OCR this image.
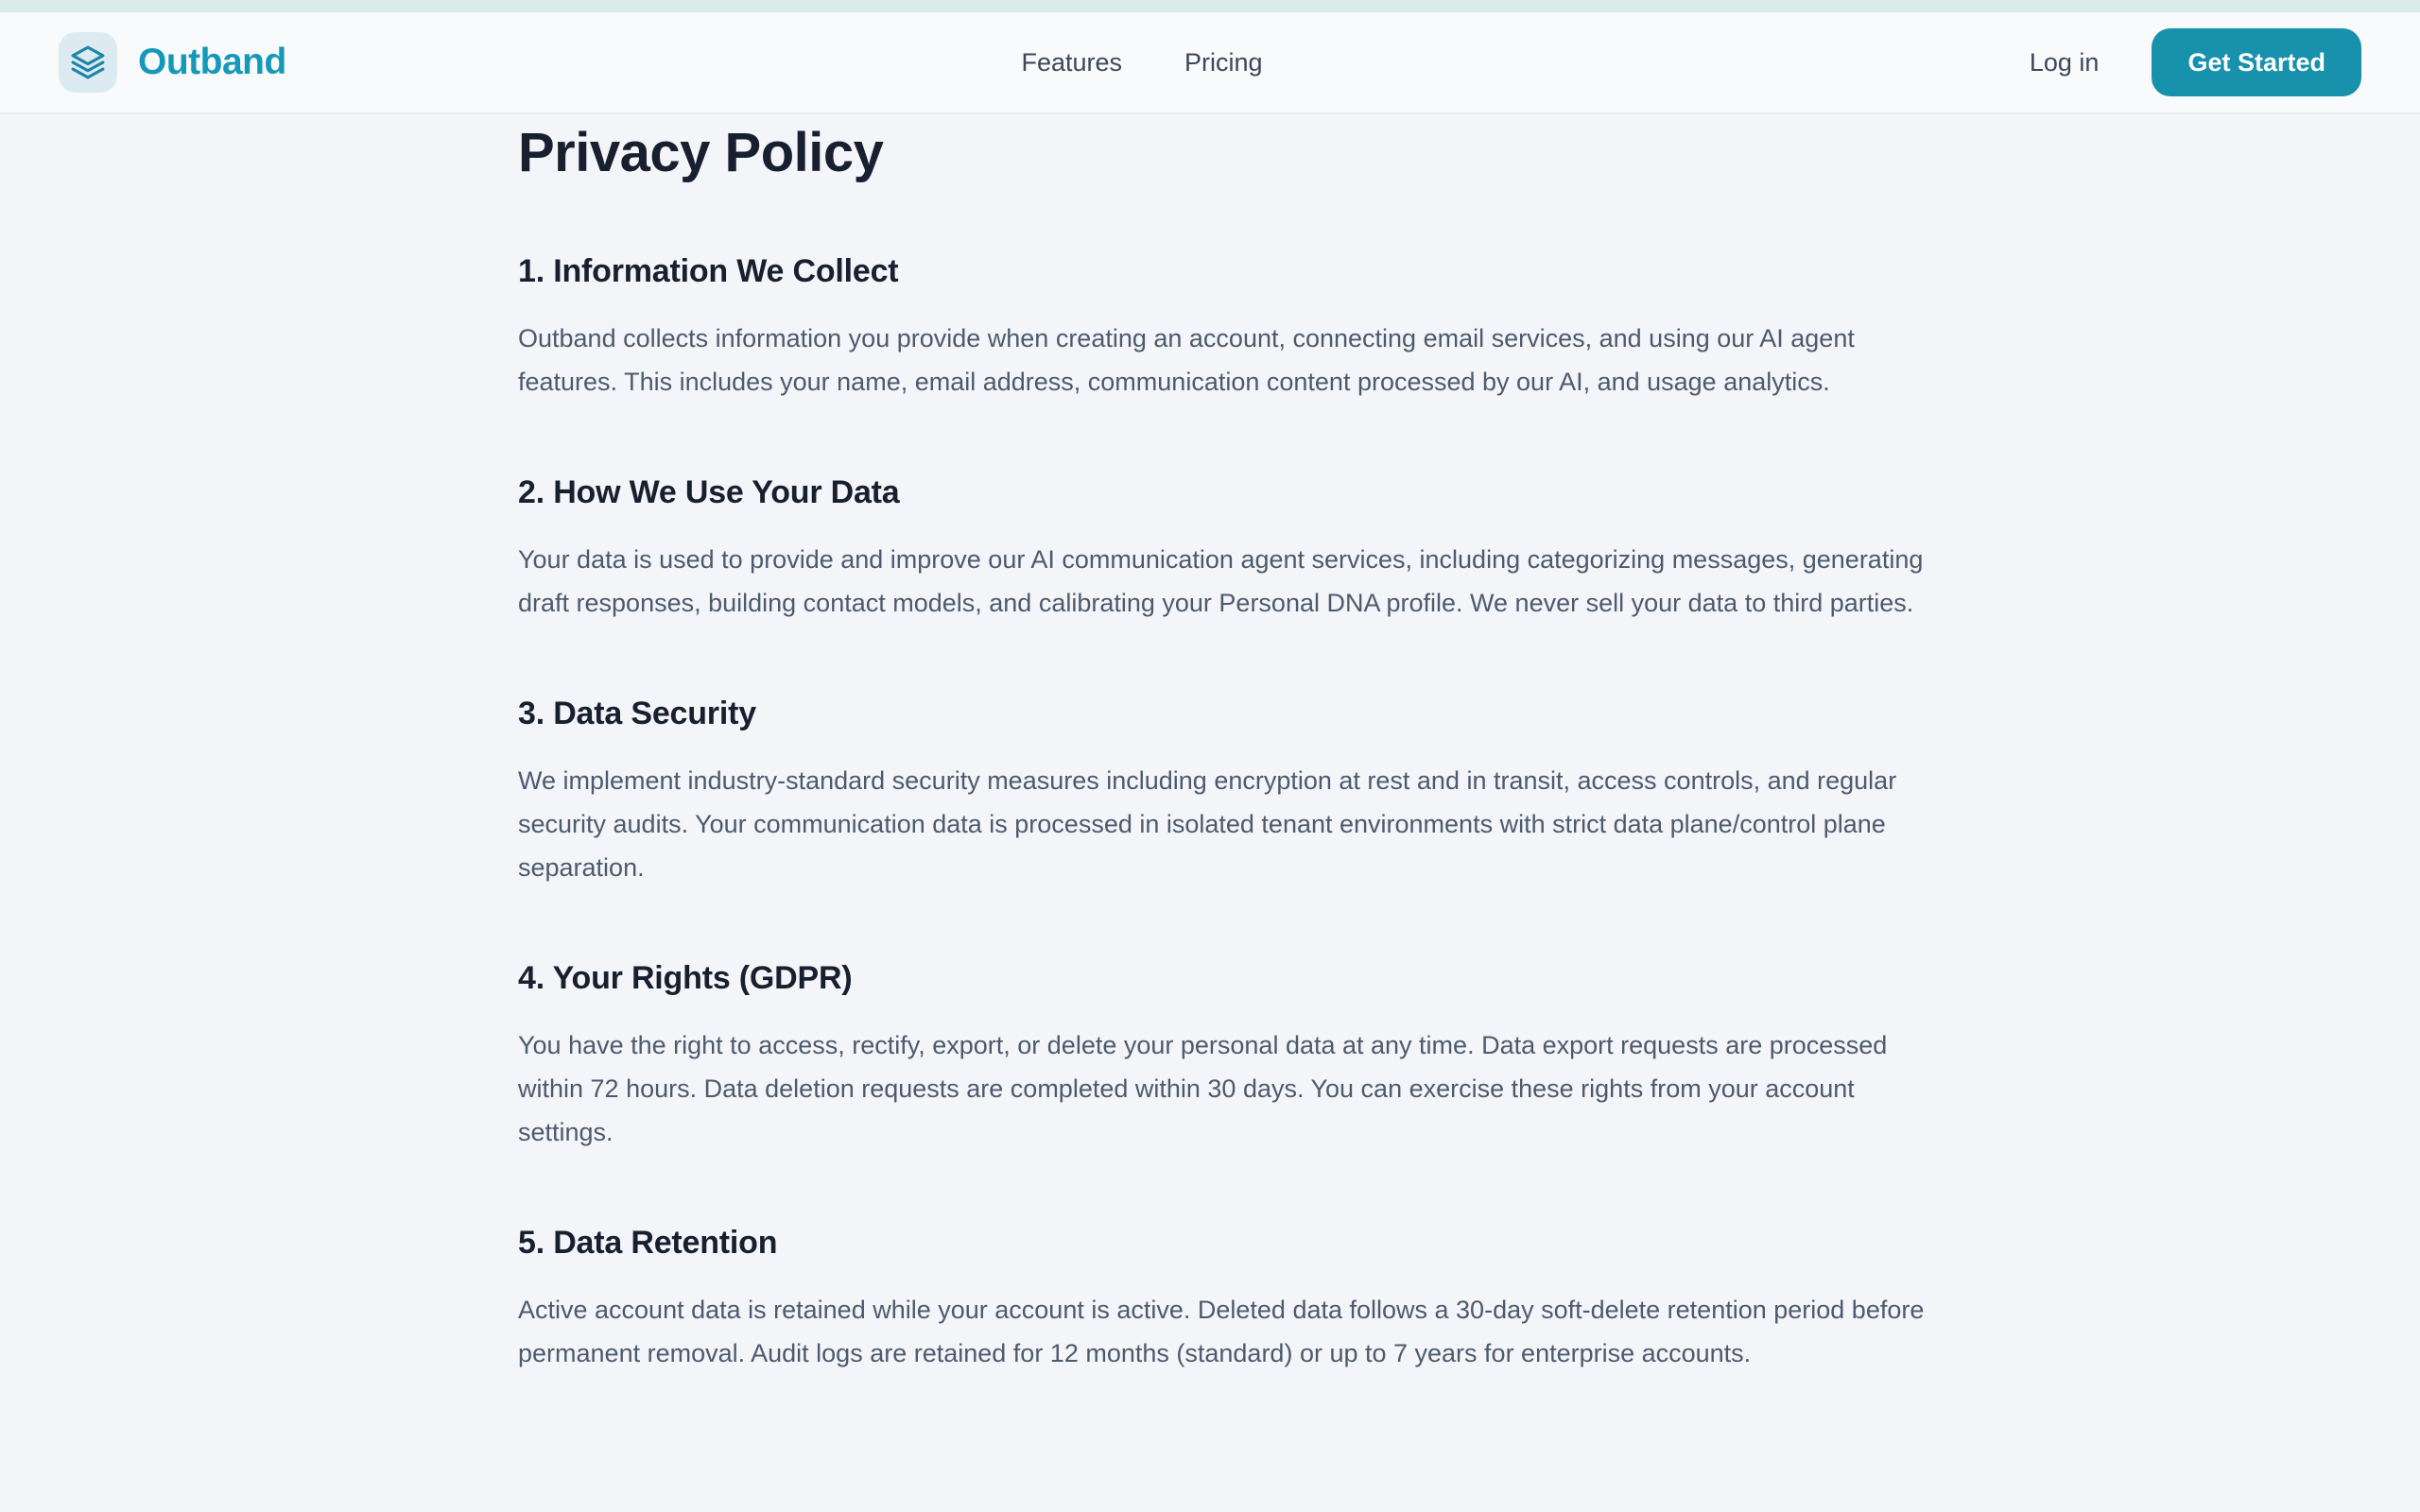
Outband	Features Pricing	Log in	Get Started
Privacy Policy
1. Information We Collect

Outband collects information you provide when creating an account, connecting email services, and using our AI agent features. This includes your name, email address, communication content processed by our AI, and usage analytics.

2. How We Use Your Data

Your data is used to provide and improve our AI communication agent services, including categorizing messages, generating draft responses, building contact models, and calibrating your Personal DNA profile. We never sell your data to third parties.

3. Data Security

We implement industry-standard security measures including encryption at rest and in transit, access controls, and regular security audits. Your communication data is processed in isolated tenant environments with strict data plane/control plane separation.

4. Your Rights (GDPR)

You have the right to access, rectify, export, or delete your personal data at any time. Data export requests are processed within 72 hours. Data deletion requests are completed within 30 days. You can exercise these rights from your account settings.

5. Data Retention

Active account data is retained while your account is active. Deleted data follows a 30-day soft-delete retention period before permanent removal. Audit logs are retained for 12 months (standard) or up to 7 years for enterprise accounts.
